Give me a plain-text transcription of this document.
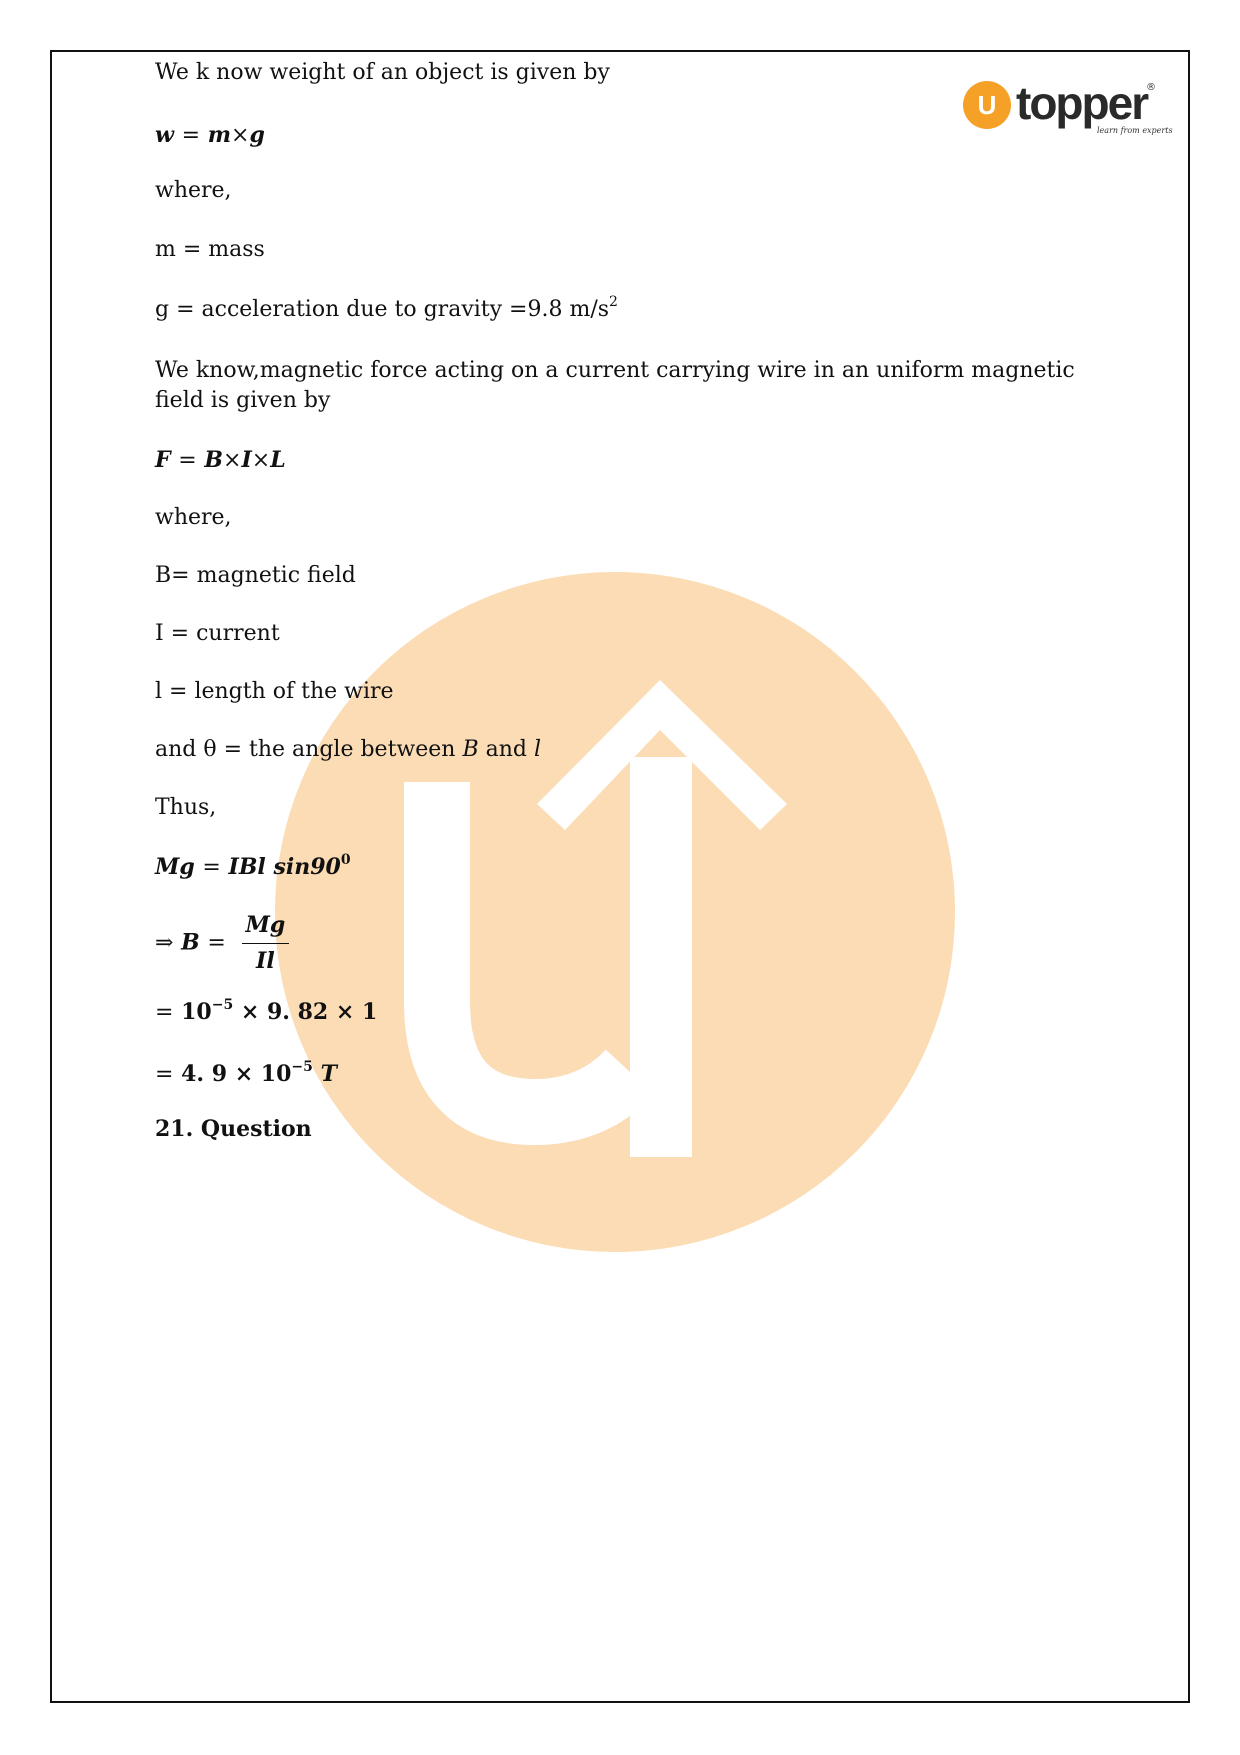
U topper
®
learn from experts
We k now weight of an object is given by
w = m×g
where,
m = mass
g = acceleration due to gravity =9.8 $m/s^2$
We know,magnetic force acting on a current carrying wire in an uniform magnetic field is given by
F = B×I×L
where,
B= magnetic field
I = current
l = length of the wire
and θ = the angle between B and l
Thus,
Mg = IBl $\sin 90^0$
⇒ $B = \frac{Mg}{Il}$
= $10^{-5} \times 9$. 82 × 1
= 4. $9 \times 10^{-5}$ T
21. Question
